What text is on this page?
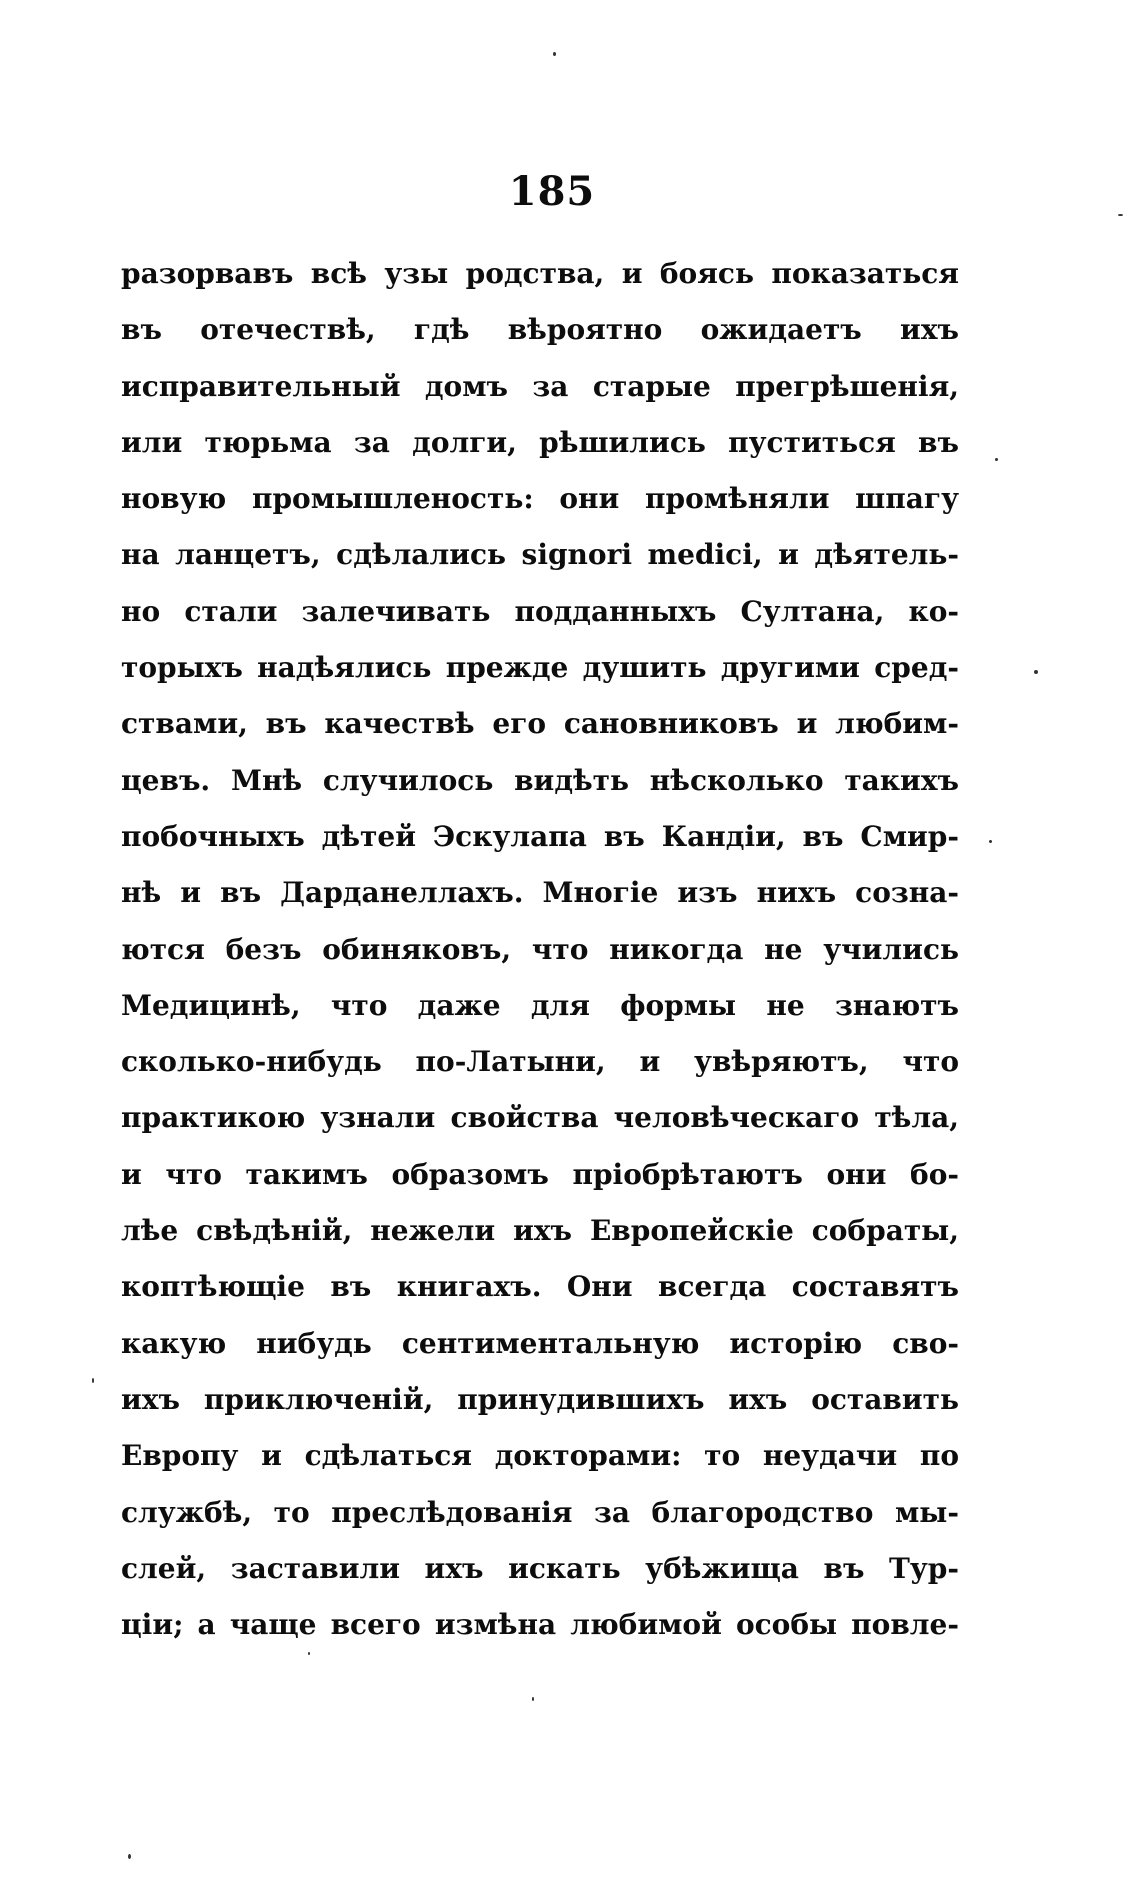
185
разорвавъ всѣ узы родства, и боясь показаться
въ отечествѣ, гдѣ вѣроятно ожидаетъ ихъ
исправительный домъ за старые прегрѣшенія,
или тюрьма за долги, рѣшились пуститься въ
новую промышленость: они промѣняли шпагу
на ланцетъ, сдѣлались signori medici, и дѣятель-
но стали залечивать подданныхъ Султана, ко-
торыхъ надѣялись прежде душить другими сред-
ствами, въ качествѣ его сановниковъ и любим-
цевъ. Мнѣ случилось видѣть нѣсколько такихъ
побочныхъ дѣтей Эскулапа въ Кандіи, въ Смир-
нѣ и въ Дарданеллахъ. Многіе изъ нихъ созна-
ются безъ обиняковъ, что никогда не учились
Медицинѣ, что даже для формы не знаютъ
сколько-нибудь по-Латыни, и увѣряютъ, что
практикою узнали свойства человѣческаго тѣла,
и что такимъ образомъ пріобрѣтаютъ они бо-
лѣе свѣдѣній, нежели ихъ Европейскіе собраты,
коптѣющіе въ книгахъ. Они всегда составятъ
какую нибудь сентиментальную исторію сво-
ихъ приключеній, принудившихъ ихъ оставить
Европу и сдѣлаться докторами: то неудачи по
службѣ, то преслѣдованія за благородство мы-
слей, заставили ихъ искать убѣжища въ Тур-
ціи; а чаще всего измѣна любимой особы повле-
